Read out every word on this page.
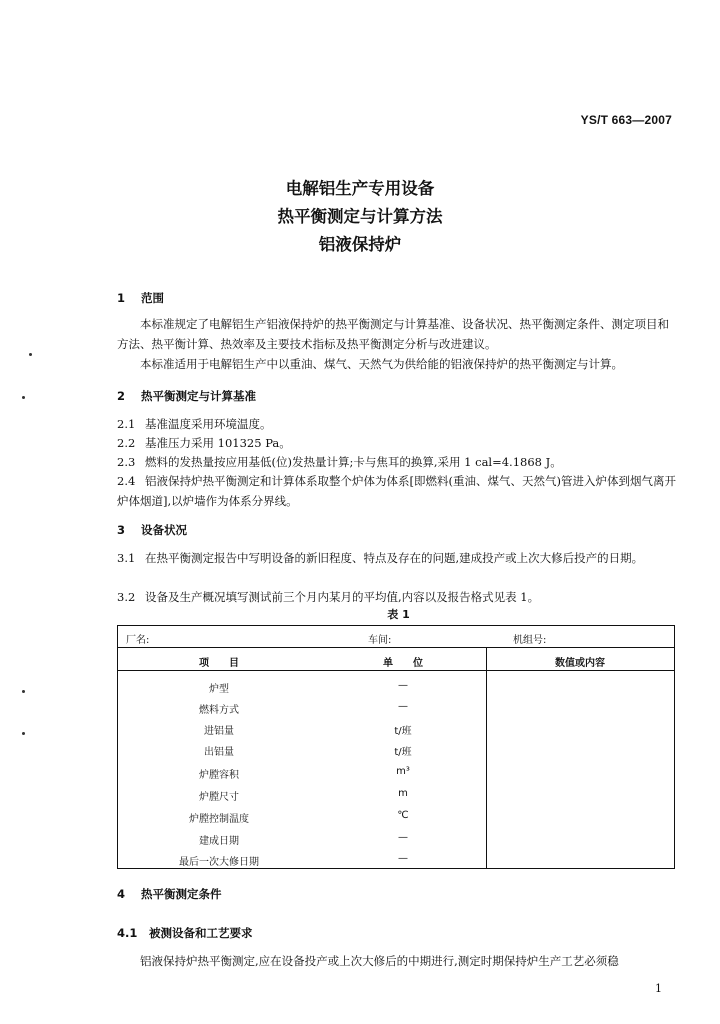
YS/T 663—2007
电解铝生产专用设备
热平衡测定与计算方法
铝液保持炉
1 范围
本标准规定了电解铝生产铝液保持炉的热平衡测定与计算基准、设备状况、热平衡测定条件、测定项目和方法、热平衡计算、热效率及主要技术指标及热平衡测定分析与改进建议。
本标准适用于电解铝生产中以重油、煤气、天然气为供给能的铝液保持炉的热平衡测定与计算。
2 热平衡测定与计算基准
2.1 基准温度采用环境温度。
2.2 基准压力采用 101325 Pa。
2.3 燃料的发热量按应用基低(位)发热量计算;卡与焦耳的换算,采用 1 cal=4.1868 J。
2.4 铝液保持炉热平衡测定和计算体系取整个炉体为体系[即燃料(重油、煤气、天然气)管进入炉体到烟气离开炉体烟道],以炉墙作为体系分界线。
3 设备状况
3.1 在热平衡测定报告中写明设备的新旧程度、特点及存在的问题,建成投产或上次大修后投产的日期。
3.2 设备及生产概况填写测试前三个月内某月的平均值,内容以及报告格式见表 1。
表 1
厂名:	车间:	机组号:
项　　目	单　　位	数值或内容
炉型	—
燃料方式	—
进铝量	t/班
出铝量	t/班
炉膛容积	m³
炉膛尺寸	m
炉膛控制温度	℃
建成日期	—
最后一次大修日期	—
4 热平衡测定条件
4.1 被测设备和工艺要求
铝液保持炉热平衡测定,应在设备投产或上次大修后的中期进行,测定时期保持炉生产工艺必须稳
1
